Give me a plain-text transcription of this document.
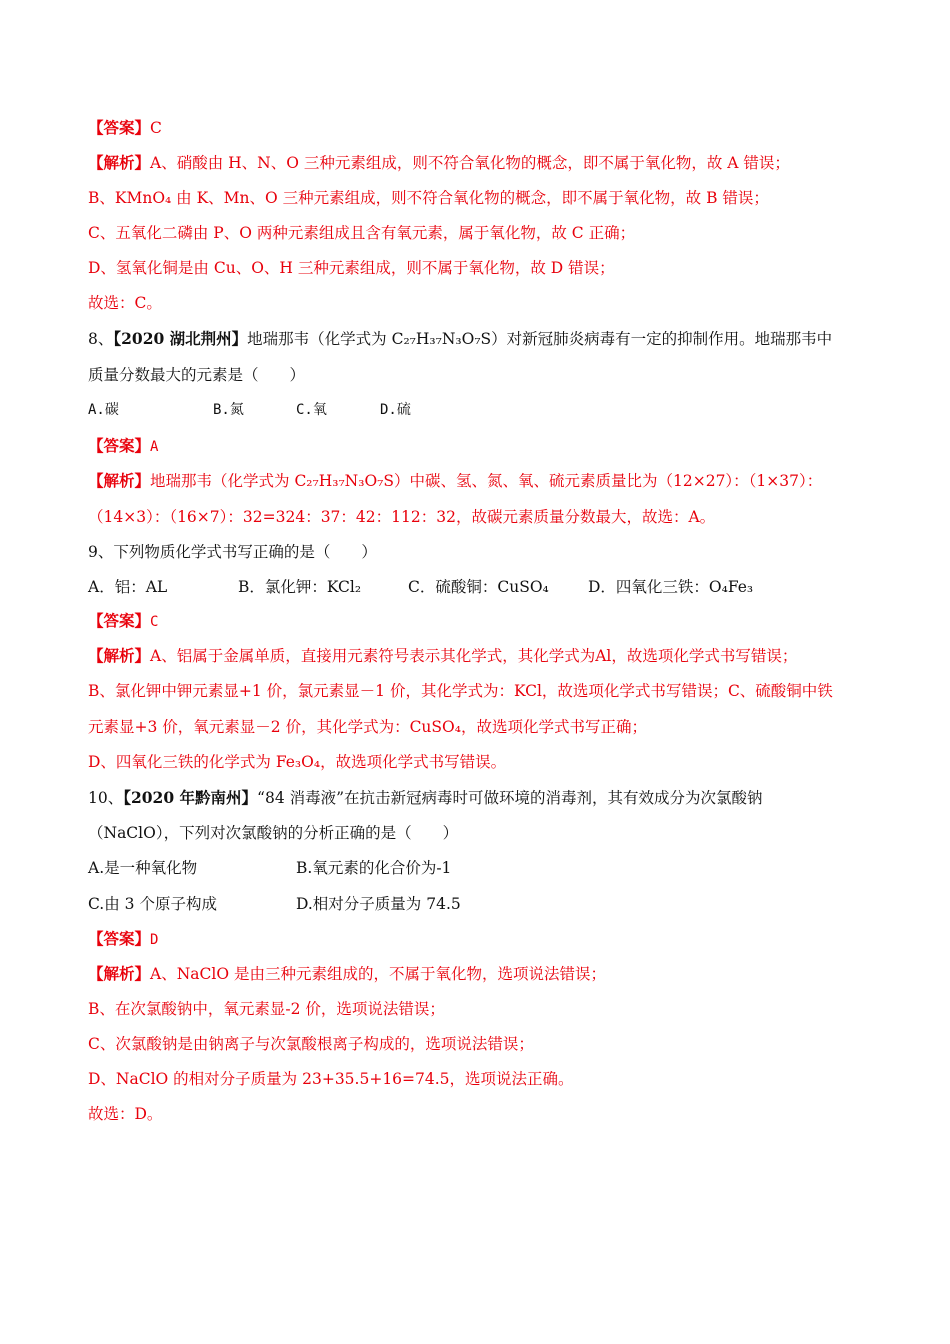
【答案】C
【解析】A、硝酸由 H、N、O 三种元素组成，则不符合氧化物的概念，即不属于氧化物，故 A 错误；
B、KMnO₄ 由 K、Mn、O 三种元素组成，则不符合氧化物的概念，即不属于氧化物，故 B 错误；
C、五氧化二磷由 P、O 两种元素组成且含有氧元素，属于氧化物，故 C 正确；
D、氢氧化铜是由 Cu、O、H 三种元素组成，则不属于氧化物，故 D 错误；
故选：C。
8、【2020 湖北荆州】地瑞那韦（化学式为 C₂₇H₃₇N₃O₇S）对新冠肺炎病毒有一定的抑制作用。地瑞那韦中
质量分数最大的元素是（　　）
A.碳	B.氮	C.氧	D.硫
【答案】A
【解析】地瑞那韦（化学式为 C₂₇H₃₇N₃O₇S）中碳、氢、氮、氧、硫元素质量比为（12×27）：（1×37）：
（14×3）：（16×7）：32=324：37：42：112：32，故碳元素质量分数最大，故选：A。
9、下列物质化学式书写正确的是（　　）
A．铝：AL	B．氯化钾：KCl₂	C．硫酸铜：CuSO₄	D．四氧化三铁：O₄Fe₃
【答案】C
【解析】A、铝属于金属单质，直接用元素符号表示其化学式，其化学式为Al，故选项化学式书写错误；
B、氯化钾中钾元素显+1 价，氯元素显－1 价，其化学式为：KCl，故选项化学式书写错误；C、硫酸铜中铁
元素显+3 价，氧元素显－2 价，其化学式为：CuSO₄，故选项化学式书写正确；
D、四氧化三铁的化学式为 Fe₃O₄，故选项化学式书写错误。
10、【2020 年黔南州】“84 消毒液”在抗击新冠病毒时可做环境的消毒剂，其有效成分为次氯酸钠
（NaClO），下列对次氯酸钠的分析正确的是（　　）
A.是一种氧化物	B.氧元素的化合价为-1
C.由 3 个原子构成	D.相对分子质量为 74.5
【答案】D
【解析】A、NaClO 是由三种元素组成的，不属于氧化物，选项说法错误；
B、在次氯酸钠中，氧元素显-2 价，选项说法错误；
C、次氯酸钠是由钠离子与次氯酸根离子构成的，选项说法错误；
D、NaClO 的相对分子质量为 23+35.5+16=74.5，选项说法正确。
故选：D。
